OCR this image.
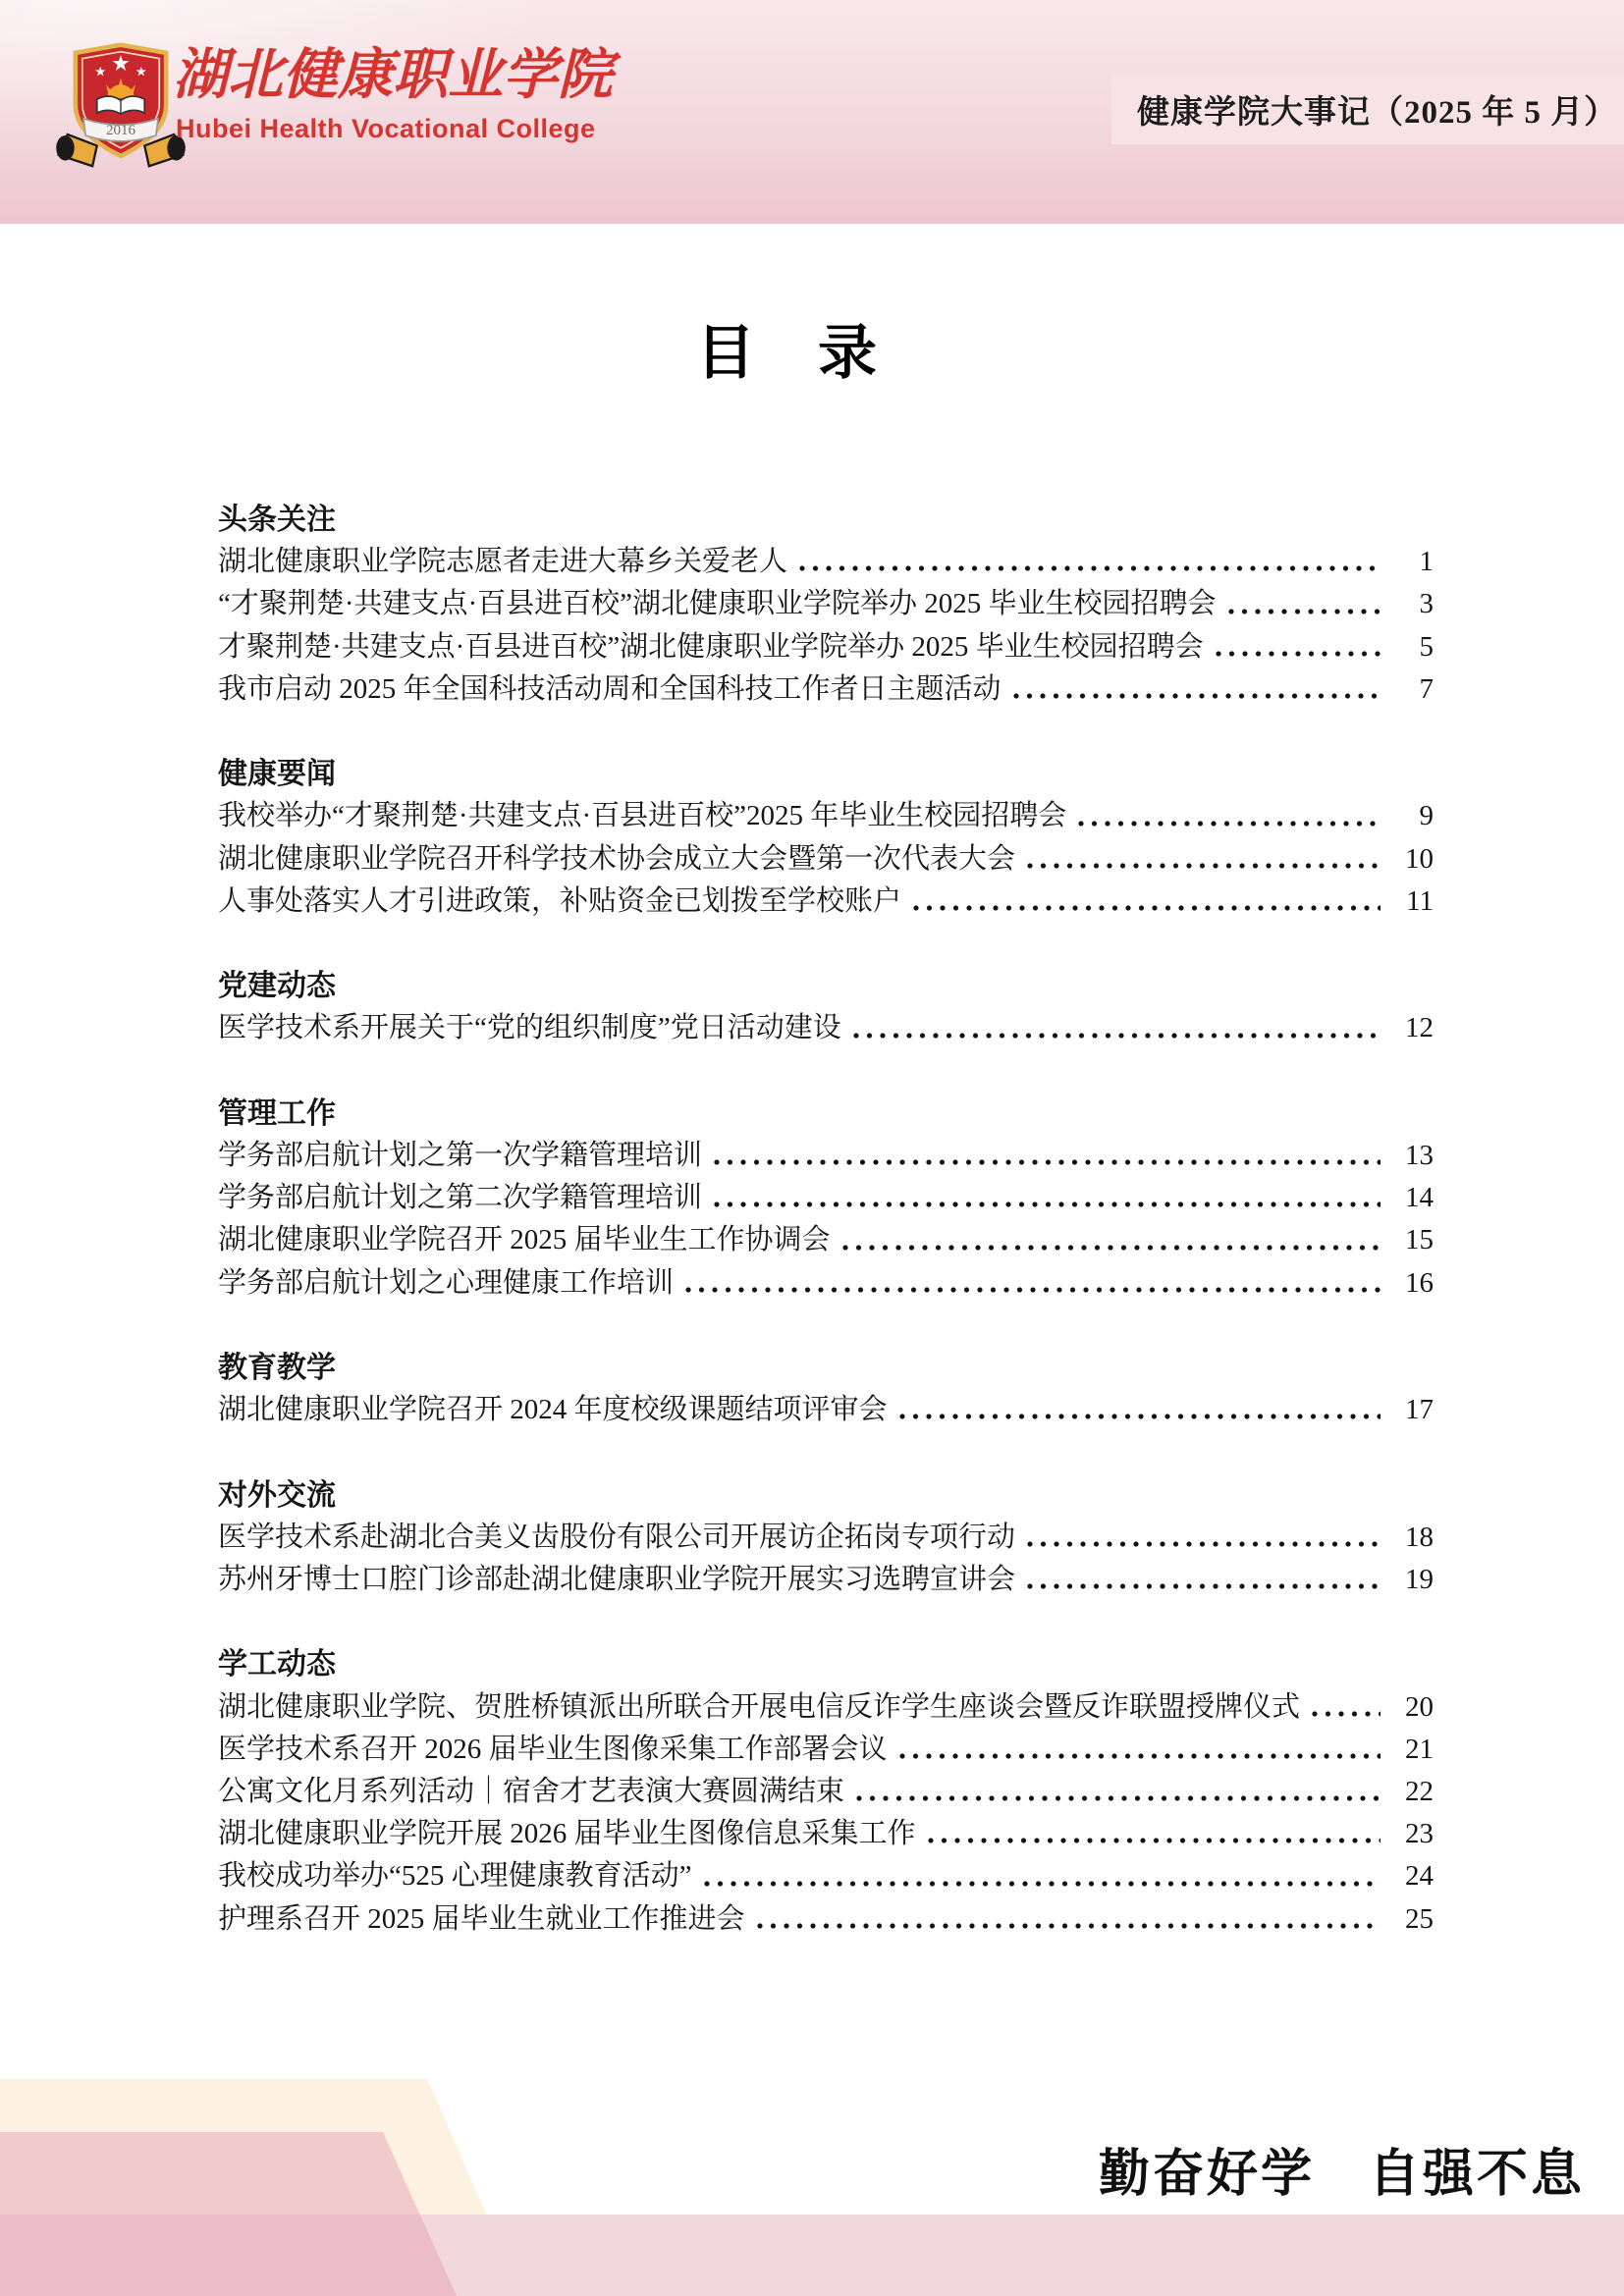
2016
湖北健康职业学院
Hubei Health Vocational College	健康学院大事记（2025 年 5 月）
目　录
头条关注
湖北健康职业学院志愿者走进大幕乡关爱老人	1
“才聚荆楚·共建支点·百县进百校”湖北健康职业学院举办 2025 毕业生校园招聘会	3
才聚荆楚·共建支点·百县进百校”湖北健康职业学院举办 2025 毕业生校园招聘会	5
我市启动 2025 年全国科技活动周和全国科技工作者日主题活动	7
健康要闻
我校举办“才聚荆楚·共建支点·百县进百校”2025 年毕业生校园招聘会	9
湖北健康职业学院召开科学技术协会成立大会暨第一次代表大会	10
人事处落实人才引进政策，补贴资金已划拨至学校账户	11
党建动态
医学技术系开展关于“党的组织制度”党日活动建设	12
管理工作
学务部启航计划之第一次学籍管理培训	13
学务部启航计划之第二次学籍管理培训	14
湖北健康职业学院召开 2025 届毕业生工作协调会	15
学务部启航计划之心理健康工作培训	16
教育教学
湖北健康职业学院召开 2024 年度校级课题结项评审会	17
对外交流
医学技术系赴湖北合美义齿股份有限公司开展访企拓岗专项行动	18
苏州牙博士口腔门诊部赴湖北健康职业学院开展实习选聘宣讲会	19
学工动态
湖北健康职业学院、贺胜桥镇派出所联合开展电信反诈学生座谈会暨反诈联盟授牌仪式	20
医学技术系召开 2026 届毕业生图像采集工作部署会议	21
公寓文化月系列活动｜宿舍才艺表演大赛圆满结束	22
湖北健康职业学院开展 2026 届毕业生图像信息采集工作	23
我校成功举办“525 心理健康教育活动”	24
护理系召开 2025 届毕业生就业工作推进会	25
勤奋好学　自强不息
